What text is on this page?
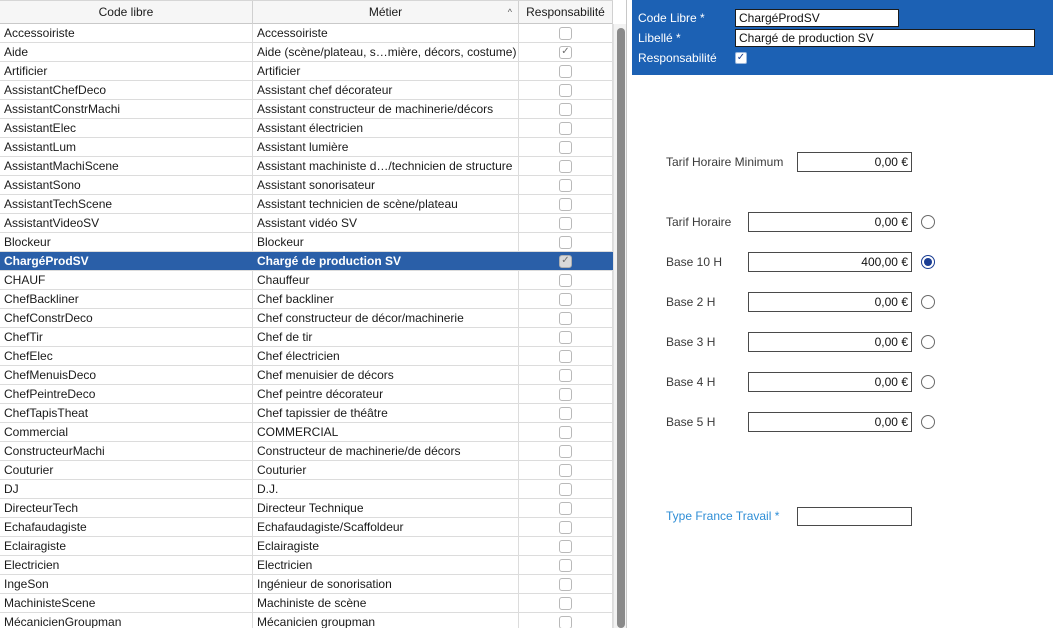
Code libre	Métier	^	Responsabilité
Accessoiriste	Accessoiriste
Aide	Aide (scène/plateau, s…mière, décors, costume)	✓
Artificier	Artificier
AssistantChefDeco	Assistant chef décorateur
AssistantConstrMachi	Assistant constructeur de machinerie/décors
AssistantElec	Assistant électricien
AssistantLum	Assistant lumière
AssistantMachiScene	Assistant machiniste d…/technicien de structure
AssistantSono	Assistant sonorisateur
AssistantTechScene	Assistant technicien de scène/plateau
AssistantVideoSV	Assistant vidéo SV
Blockeur	Blockeur
ChargéProdSV	Chargé de production SV	✓
CHAUF	Chauffeur
ChefBackliner	Chef backliner
ChefConstrDeco	Chef constructeur de décor/machinerie
ChefTir	Chef de tir
ChefElec	Chef électricien
ChefMenuisDeco	Chef menuisier de décors
ChefPeintreDeco	Chef peintre décorateur
ChefTapisTheat	Chef tapissier de théâtre
Commercial	COMMERCIAL
ConstructeurMachi	Constructeur de machinerie/de décors
Couturier	Couturier
DJ	D.J.
DirecteurTech	Directeur Technique
Echafaudagiste	Echafaudagiste/Scaffoldeur
Eclairagiste	Eclairagiste
Electricien	Electricien
IngeSon	Ingénieur de sonorisation
MachinisteScene	Machiniste de scène
MécanicienGroupman	Mécanicien groupman
Code Libre *	ChargéProdSV
Libellé *	Chargé de production SV
Responsabilité ✓
Tarif Horaire Minimum	0,00 €
Tarif Horaire	0,00 €
Base 10 H	400,00 €
Base 2 H	0,00 €
Base 3 H	0,00 €
Base 4 H	0,00 €
Base 5 H	0,00 €
Type France Travail *
